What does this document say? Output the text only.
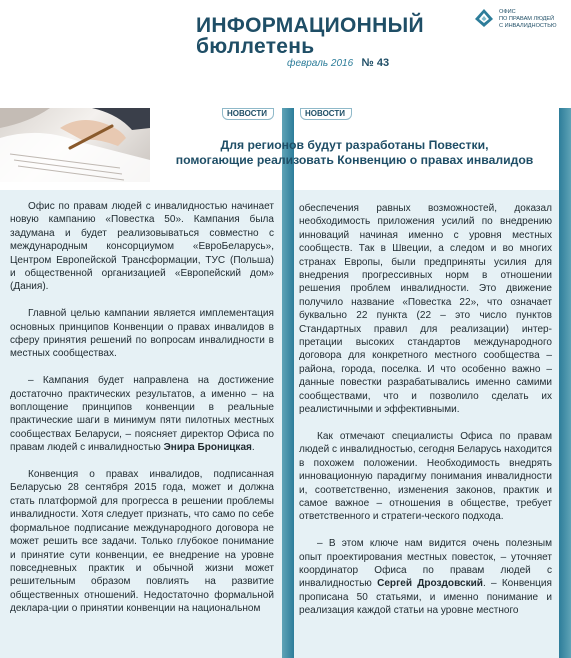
ИНФОРМАЦИОННЫЙ
бюллетень
февраль 2016 № 43
ОФИС
ПО ПРАВАМ ЛЮДЕЙ
С ИНВАЛИДНОСТЬЮ
НОВОСТИ	НОВОСТИ
Для регионов будут разработаны Повестки,
помогающие реализовать Конвенцию о правах инвалидов

Офис по правам людей с инвалидностью начинает новую кампанию «Повестка 50». Кампания была задумана и будет реализовываться совместно с международным консорциумом «ЕвроБеларусь», Центром Европейской Трансформации, ТУС (Польша) и общественной организацией «Европейский дом» (Дания).

Главной целью кампании является имплементация основных принципов Конвенции о правах инвалидов в сферу принятия решений по вопросам инвалидности в местных сообществах.

– Кампания будет направлена на достижение достаточно практических результатов, а именно – на воплощение принципов конвенции в реальные практические шаги в минимум пяти пилотных местных сообществах Беларуси, – поясняет директор Офиса по правам людей с инвалидностью Энира Броницкая.

Конвенция о правах инвалидов, подписанная Беларусью 28 сентября 2015 года, может и должна стать платформой для прогресса в решении проблемы инвалидности. Хотя следует признать, что само по себе формальное подписание международного договора не может решить все задачи. Только глубокое понимание и принятие сути конвенции, ее внедрение на уровне повседневных практик и обычной жизни может решительным образом повлиять на развитие общественных отношений. Недостаточно формальной деклара-ции о принятии конвенции на национальном

обеспечения равных возможностей, доказал необходимость приложения усилий по внедрению инноваций начиная именно с уровня местных сообществ. Так в Швеции, а следом и во многих странах Европы, были предприняты усилия для внедрения прогрессивных норм в отношении решения проблем инвалидности. Это движение получило название «Повестка 22», что означает буквально 22 пункта (22 – это число пунктов Стандартных правил для реализации) интер-претации высоких стандартов международного договора для конкретного местного сообщества – района, города, поселка. И что особенно важно – данные повестки разрабатывались именно самими сообществами, что и позволило сделать их реалистичными и эффективными.

Как отмечают специалисты Офиса по правам людей с инвалидностью, сегодня Беларусь находится в похожем положении. Необходимость внедрять инновационную парадигму понимания инвалидности и, соответственно, изменения законов, практик и самое важное – отношения в обществе, требует ответственного и стратеги-ческого подхода.

– В этом ключе нам видится очень полезным опыт проектирования местных повесток, – уточняет координатор Офиса по правам людей с инвалидностью Сергей Дроздовский. – Конвенция прописана 50 статьями, и именно понимание и реализация каждой статьи на уровне местного
